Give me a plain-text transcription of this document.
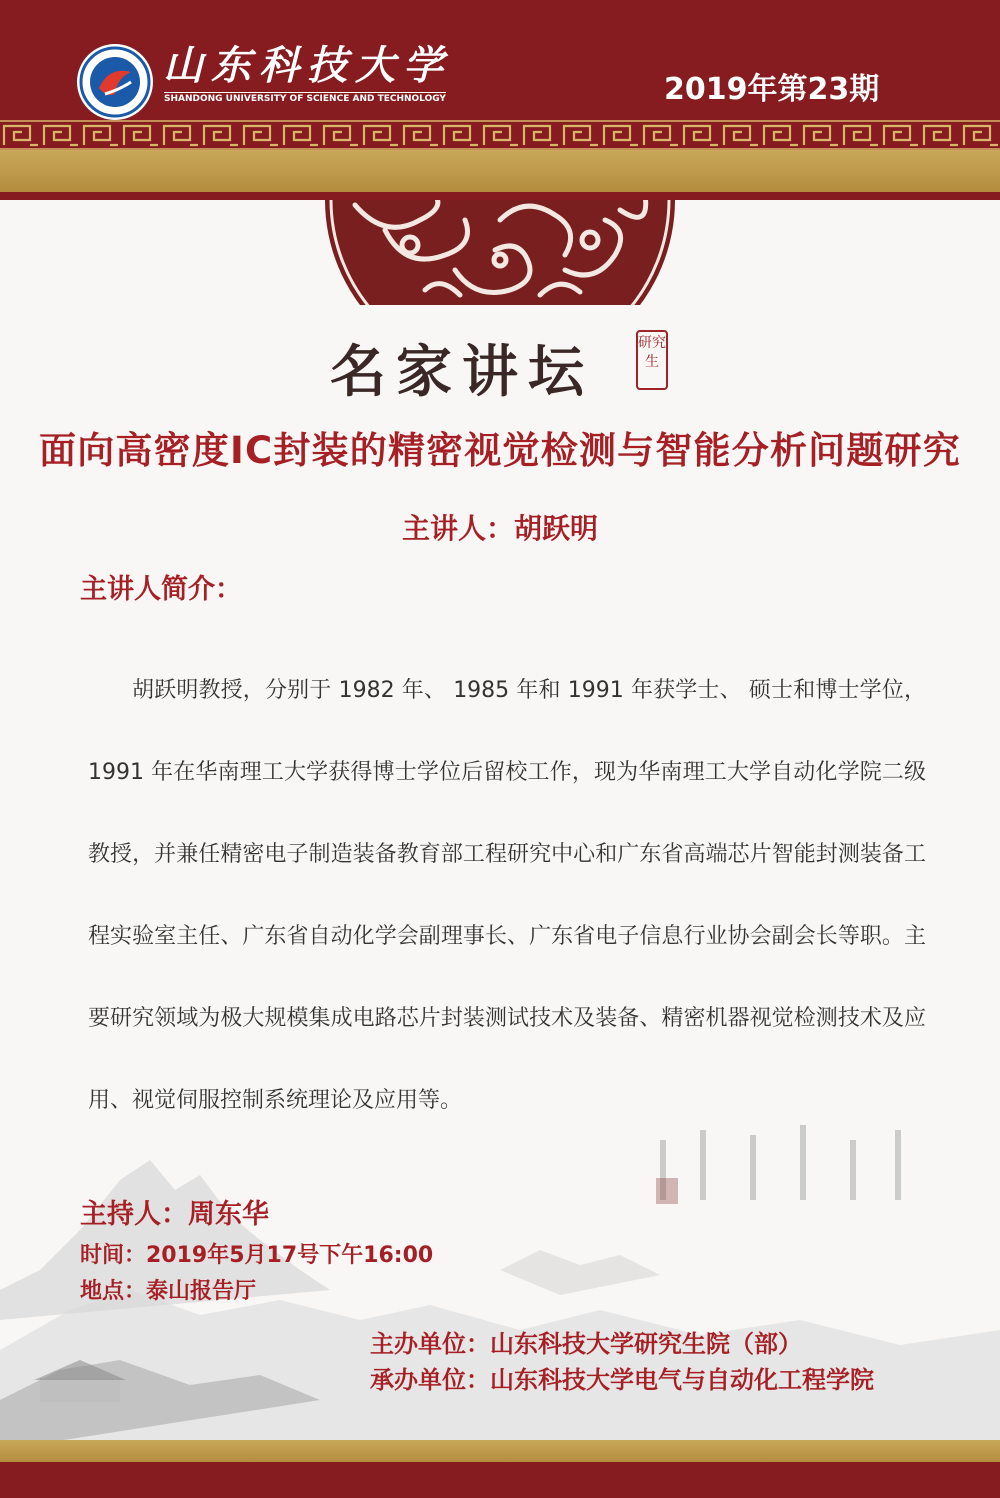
山东科技大学
SHANDONG UNIVERSITY OF SCIENCE AND TECHNOLOGY	2019年第23期
名家讲坛	研究生
面向高密度IC封装的精密视觉检测与智能分析问题研究
主讲人：胡跃明
主讲人简介：

胡跃明教授，分别于 1982 年、 1985 年和 1991 年获学士、 硕士和博士学位，1991 年在华南理工大学获得博士学位后留校工作，现为华南理工大学自动化学院二级教授，并兼任精密电子制造装备教育部工程研究中心和广东省高端芯片智能封测装备工程实验室主任、广东省自动化学会副理事长、广东省电子信息行业协会副会长等职。主要研究领域为极大规模集成电路芯片封装测试技术及装备、精密机器视觉检测技术及应用、视觉伺服控制系统理论及应用等。

主持人：周东华
时间：2019年5月17号下午16:00
地点：泰山报告厅
主办单位：山东科技大学研究生院（部）
承办单位：山东科技大学电气与自动化工程学院
